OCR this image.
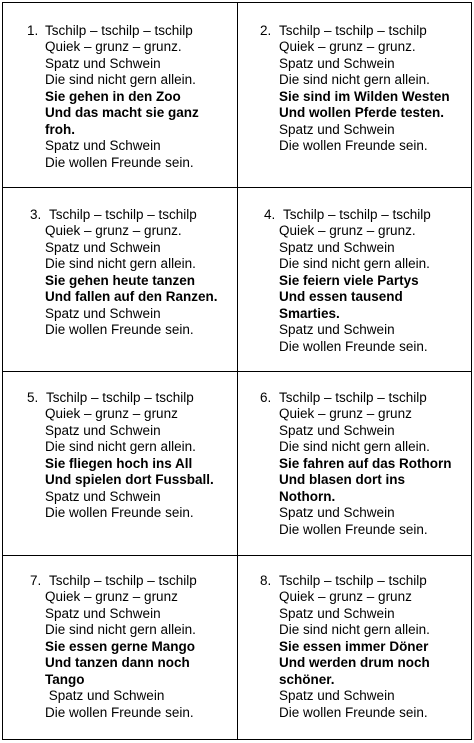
1. Tschilp – tschilp – tschilp
Quiek – grunz – grunz.
Spatz und Schwein
Die sind nicht gern allein.
Sie gehen in den Zoo
Und das macht sie ganz
froh.
Spatz und Schwein
Die wollen Freunde sein.
2. Tschilp – tschilp – tschilp
Quiek – grunz – grunz.
Spatz und Schwein
Die sind nicht gern allein.
Sie sind im Wilden Westen
Und wollen Pferde testen.
Spatz und Schwein
Die wollen Freunde sein.
3. Tschilp – tschilp – tschilp
Quiek – grunz – grunz.
Spatz und Schwein
Die sind nicht gern allein.
Sie gehen heute tanzen
Und fallen auf den Ranzen.
Spatz und Schwein
Die wollen Freunde sein.
4. Tschilp – tschilp – tschilp
Quiek – grunz – grunz.
Spatz und Schwein
Die sind nicht gern allein.
Sie feiern viele Partys
Und essen tausend
Smarties.
Spatz und Schwein
Die wollen Freunde sein.
5. Tschilp – tschilp – tschilp
Quiek – grunz – grunz
Spatz und Schwein
Die sind nicht gern allein.
Sie fliegen hoch ins All
Und spielen dort Fussball.
Spatz und Schwein
Die wollen Freunde sein.
6. Tschilp – tschilp – tschilp
Quiek – grunz – grunz
Spatz und Schwein
Die sind nicht gern allein.
Sie fahren auf das Rothorn
Und blasen dort ins
Nothorn.
Spatz und Schwein
Die wollen Freunde sein.
7. Tschilp – tschilp – tschilp
Quiek – grunz – grunz
Spatz und Schwein
Die sind nicht gern allein.
Sie essen gerne Mango
Und tanzen dann noch
Tango
Spatz und Schwein
Die wollen Freunde sein.
8. Tschilp – tschilp – tschilp
Quiek – grunz – grunz
Spatz und Schwein
Die sind nicht gern allein.
Sie essen immer Döner
Und werden drum noch
schöner.
Spatz und Schwein
Die wollen Freunde sein.
